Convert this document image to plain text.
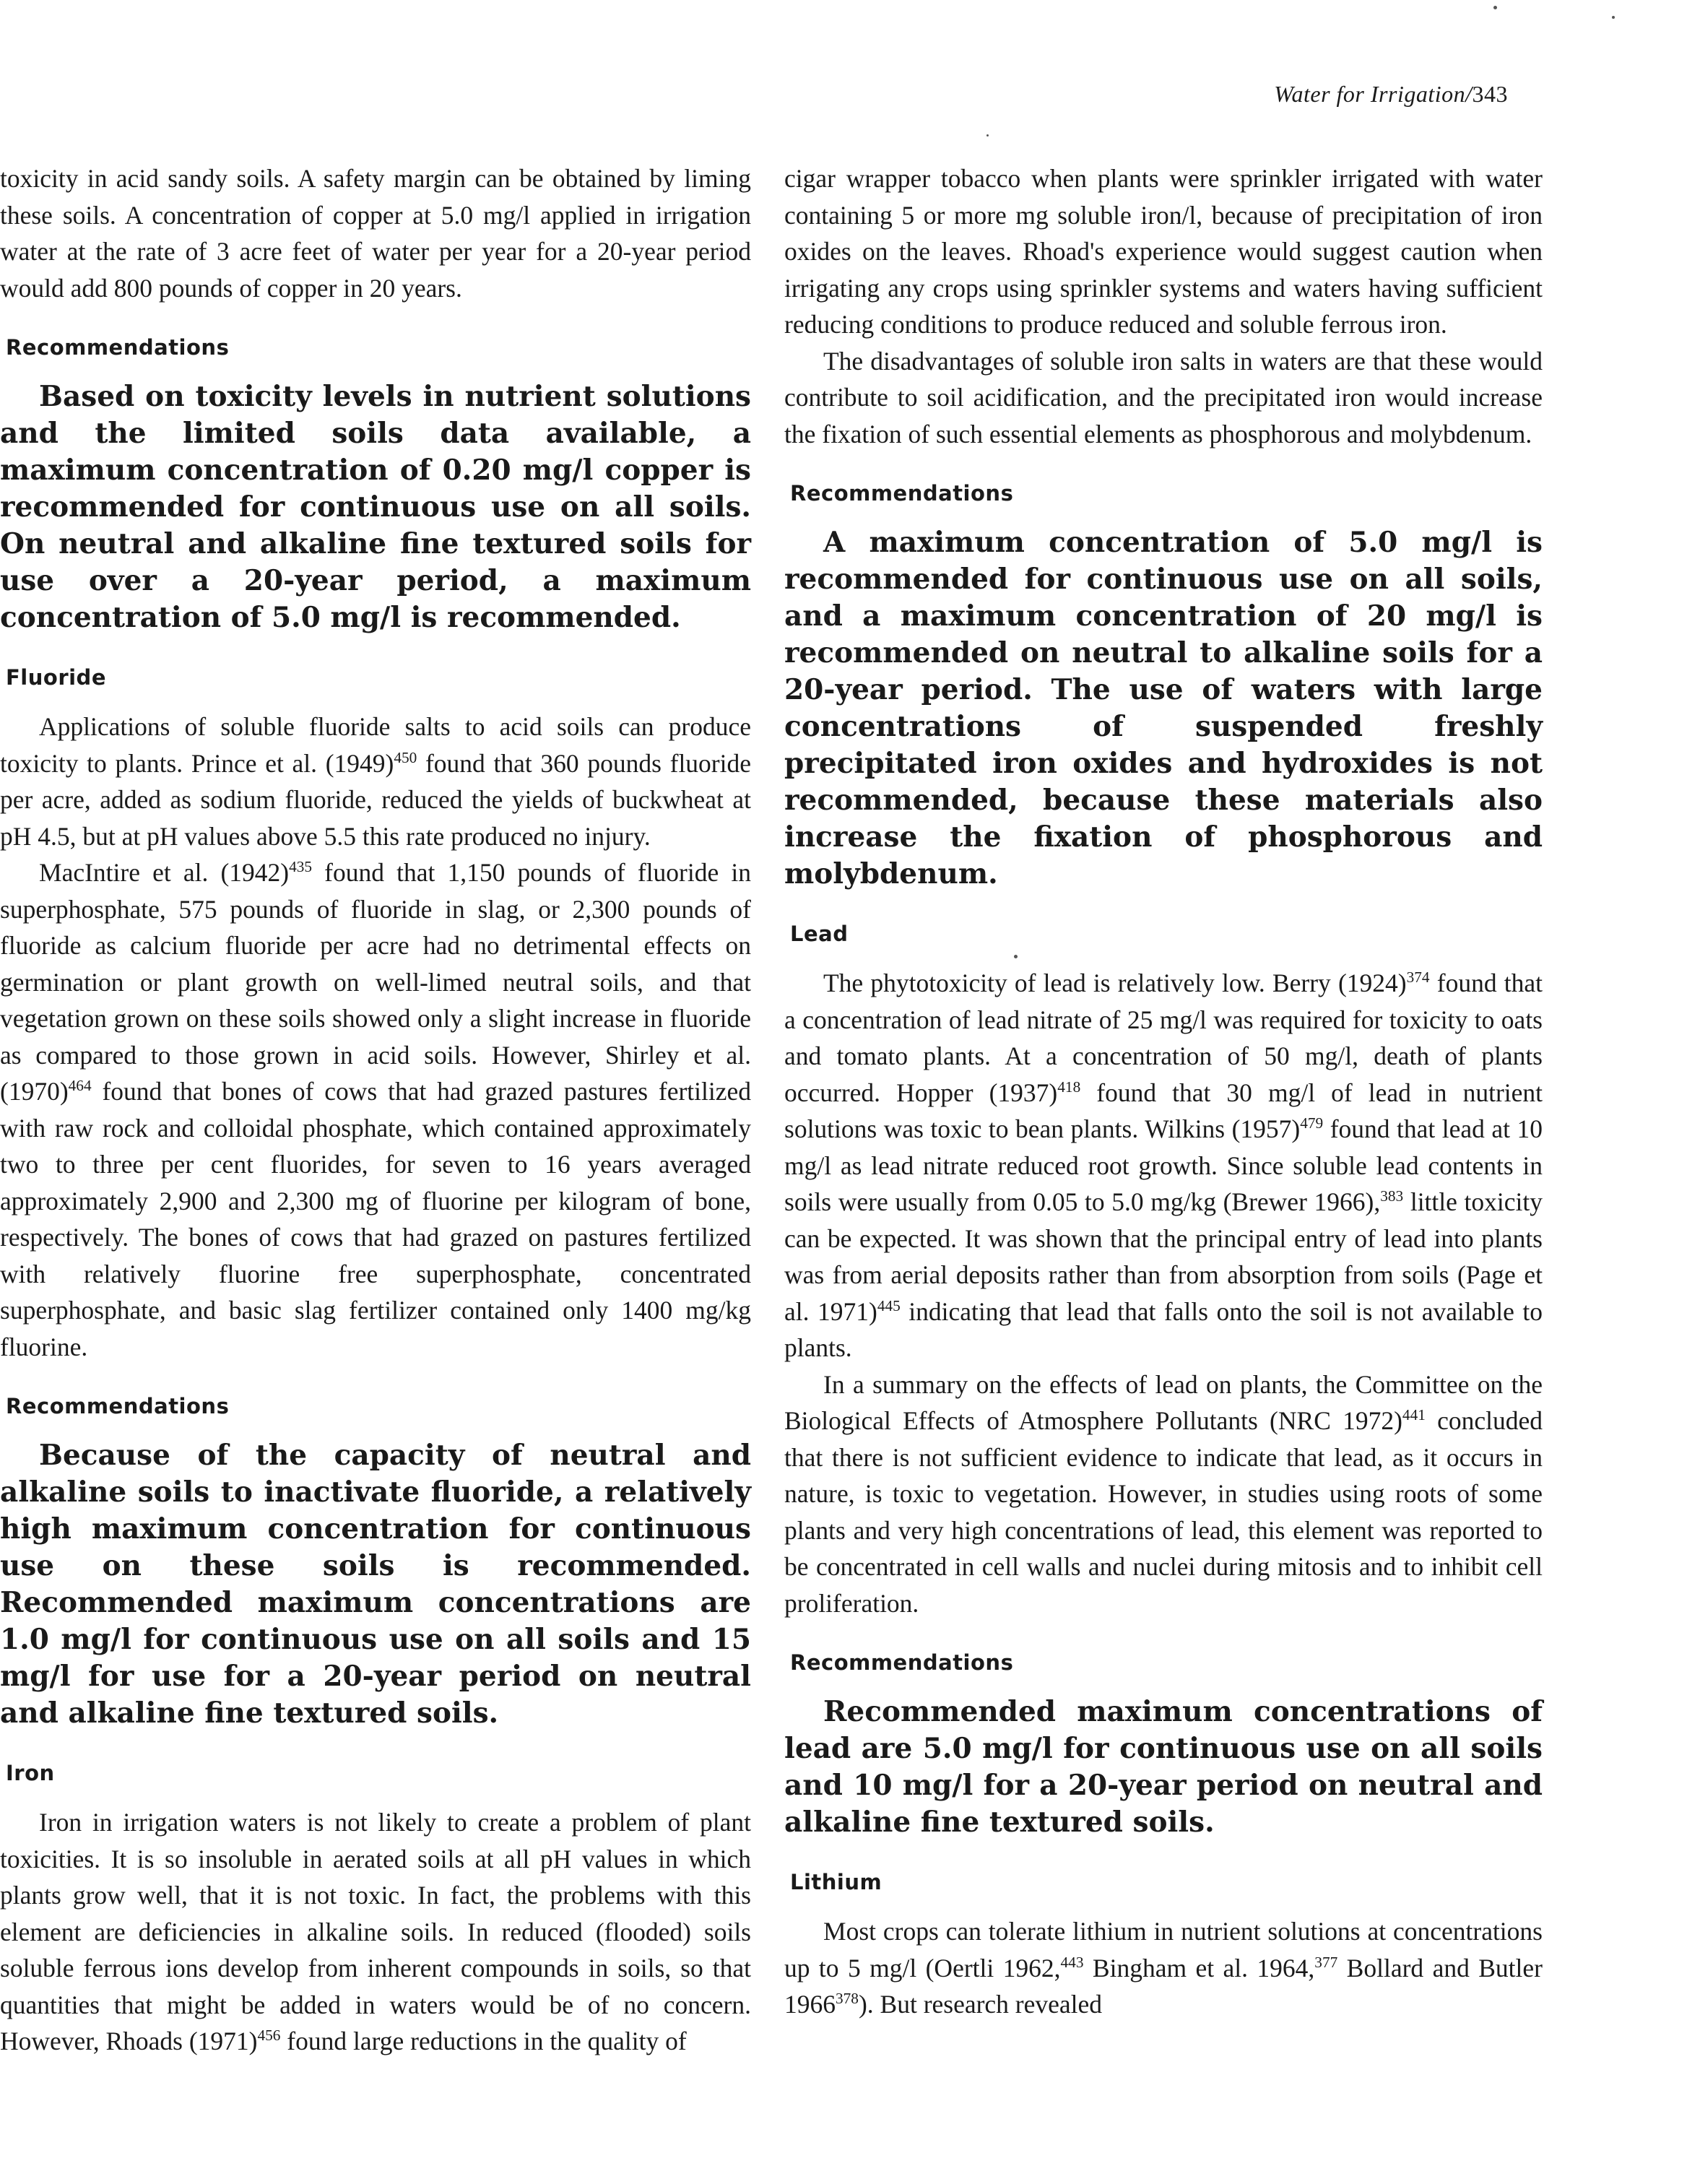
Water for Irrigation/343

toxicity in acid sandy soils. A safety margin can be obtained by liming these soils. A concentration of copper at 5.0 mg/l applied in irrigation water at the rate of 3 acre feet of water per year for a 20-year period would add 800 pounds of copper in 20 years.

Recommendations

Based on toxicity levels in nutrient solutions and the limited soils data available, a maximum concentration of 0.20 mg/l copper is recommended for continuous use on all soils. On neutral and alkaline fine textured soils for use over a 20-year period, a maximum concentration of 5.0 mg/l is recommended.

Fluoride

Applications of soluble fluoride salts to acid soils can produce toxicity to plants. Prince et al. $(1949)^{450}$ found that 360 pounds fluoride per acre, added as sodium fluoride, reduced the yields of buckwheat at pH 4.5, but at pH values above 5.5 this rate produced no injury.

MacIntire et al. $(1942)^{435}$ found that 1,150 pounds of fluoride in superphosphate, 575 pounds of fluoride in slag, or 2,300 pounds of fluoride as calcium fluoride per acre had no detrimental effects on germination or plant growth on well-limed neutral soils, and that vegetation grown on these soils showed only a slight increase in fluoride as compared to those grown in acid soils. However, Shirley et al. $(1970)^{464}$ found that bones of cows that had grazed pastures fertilized with raw rock and colloidal phosphate, which contained approximately two to three per cent fluorides, for seven to 16 years averaged approximately 2,900 and 2,300 mg of fluorine per kilogram of bone, respectively. The bones of cows that had grazed on pastures fertilized with relatively fluorine free superphosphate, concentrated superphosphate, and basic slag fertilizer contained only 1400 mg/kg fluorine.

Recommendations

Because of the capacity of neutral and alkaline soils to inactivate fluoride, a relatively high maximum concentration for continuous use on these soils is recommended. Recommended maximum concentrations are 1.0 mg/l for continuous use on all soils and 15 mg/l for use for a 20-year period on neutral and alkaline fine textured soils.

Iron

Iron in irrigation waters is not likely to create a problem of plant toxicities. It is so insoluble in aerated soils at all pH values in which plants grow well, that it is not toxic. In fact, the problems with this element are deficiencies in alkaline soils. In reduced (flooded) soils soluble ferrous ions develop from inherent compounds in soils, so that quantities that might be added in waters would be of no concern. However, Rhoads $(1971)^{456}$ found large reductions in the quality of

cigar wrapper tobacco when plants were sprinkler irrigated with water containing 5 or more mg soluble iron/l, because of precipitation of iron oxides on the leaves. Rhoad's experience would suggest caution when irrigating any crops using sprinkler systems and waters having sufficient reducing conditions to produce reduced and soluble ferrous iron.

The disadvantages of soluble iron salts in waters are that these would contribute to soil acidification, and the precipitated iron would increase the fixation of such essential elements as phosphorous and molybdenum.

Recommendations

A maximum concentration of 5.0 mg/l is recommended for continuous use on all soils, and a maximum concentration of 20 mg/l is recommended on neutral to alkaline soils for a 20-year period. The use of waters with large concentrations of suspended freshly precipitated iron oxides and hydroxides is not recommended, because these materials also increase the fixation of phosphorous and molybdenum.

Lead

The phytotoxicity of lead is relatively low. Berry $(1924)^{374}$ found that a concentration of lead nitrate of 25 mg/l was required for toxicity to oats and tomato plants. At a concentration of 50 mg/l, death of plants occurred. Hopper $(1937)^{418}$ found that 30 mg/l of lead in nutrient solutions was toxic to bean plants. Wilkins $(1957)^{479}$ found that lead at 10 mg/l as lead nitrate reduced root growth. Since soluble lead contents in soils were usually from 0.05 to 5.0 mg/kg (Brewer 1966),$^{383}$ little toxicity can be expected. It was shown that the principal entry of lead into plants was from aerial deposits rather than from absorption from soils (Page et al. 1971)$^{445}$ indicating that lead that falls onto the soil is not available to plants.

In a summary on the effects of lead on plants, the Committee on the Biological Effects of Atmosphere Pollutants (NRC 1972)$^{441}$ concluded that there is not sufficient evidence to indicate that lead, as it occurs in nature, is toxic to vegetation. However, in studies using roots of some plants and very high concentrations of lead, this element was reported to be concentrated in cell walls and nuclei during mitosis and to inhibit cell proliferation.

Recommendations

Recommended maximum concentrations of lead are 5.0 mg/l for continuous use on all soils and 10 mg/l for a 20-year period on neutral and alkaline fine textured soils.

Lithium

Most crops can tolerate lithium in nutrient solutions at concentrations up to 5 mg/l (Oertli 1962,$^{443}$ Bingham et al. 1964,$^{377}$ Bollard and Butler 1966$^{378}$). But research revealed
